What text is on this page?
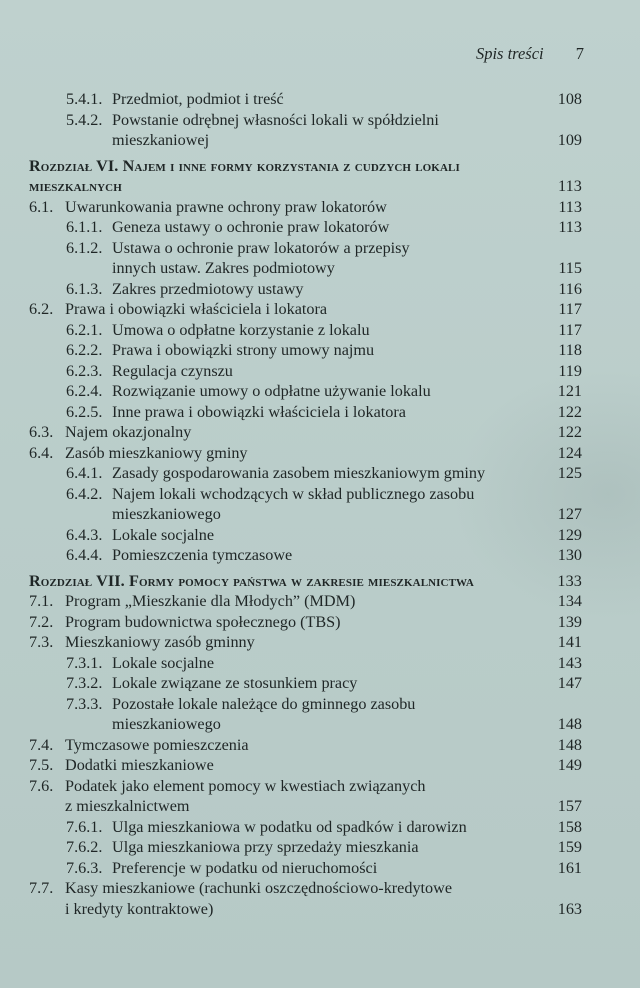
Spis treści 7
5.4.1. Przedmiot, podmiot i treść	108
5.4.2. Powstanie odrębnej własności lokali w spółdzielni
mieszkaniowej	109
Rozdział VI. Najem i inne formy korzystania z cudzych lokali
mieszkalnych	113
6.1. Uwarunkowania prawne ochrony praw lokatorów	113
6.1.1. Geneza ustawy o ochronie praw lokatorów	113
6.1.2. Ustawa o ochronie praw lokatorów a przepisy
innych ustaw. Zakres podmiotowy	115
6.1.3. Zakres przedmiotowy ustawy	116
6.2. Prawa i obowiązki właściciela i lokatora	117
6.2.1. Umowa o odpłatne korzystanie z lokalu	117
6.2.2. Prawa i obowiązki strony umowy najmu	118
6.2.3. Regulacja czynszu	119
6.2.4. Rozwiązanie umowy o odpłatne używanie lokalu	121
6.2.5. Inne prawa i obowiązki właściciela i lokatora	122
6.3. Najem okazjonalny	122
6.4. Zasób mieszkaniowy gminy	124
6.4.1. Zasady gospodarowania zasobem mieszkaniowym gminy	125
6.4.2. Najem lokali wchodzących w skład publicznego zasobu
mieszkaniowego	127
6.4.3. Lokale socjalne	129
6.4.4. Pomieszczenia tymczasowe	130
Rozdział VII. Formy pomocy państwa w zakresie mieszkalnictwa	133
7.1. Program „Mieszkanie dla Młodych” (MDM)	134
7.2. Program budownictwa społecznego (TBS)	139
7.3. Mieszkaniowy zasób gminny	141
7.3.1. Lokale socjalne	143
7.3.2. Lokale związane ze stosunkiem pracy	147
7.3.3. Pozostałe lokale należące do gminnego zasobu
mieszkaniowego	148
7.4. Tymczasowe pomieszczenia	148
7.5. Dodatki mieszkaniowe	149
7.6. Podatek jako element pomocy w kwestiach związanych
z mieszkalnictwem	157
7.6.1. Ulga mieszkaniowa w podatku od spadków i darowizn	158
7.6.2. Ulga mieszkaniowa przy sprzedaży mieszkania	159
7.6.3. Preferencje w podatku od nieruchomości	161
7.7. Kasy mieszkaniowe (rachunki oszczędnościowo-kredytowe
i kredyty kontraktowe)	163
